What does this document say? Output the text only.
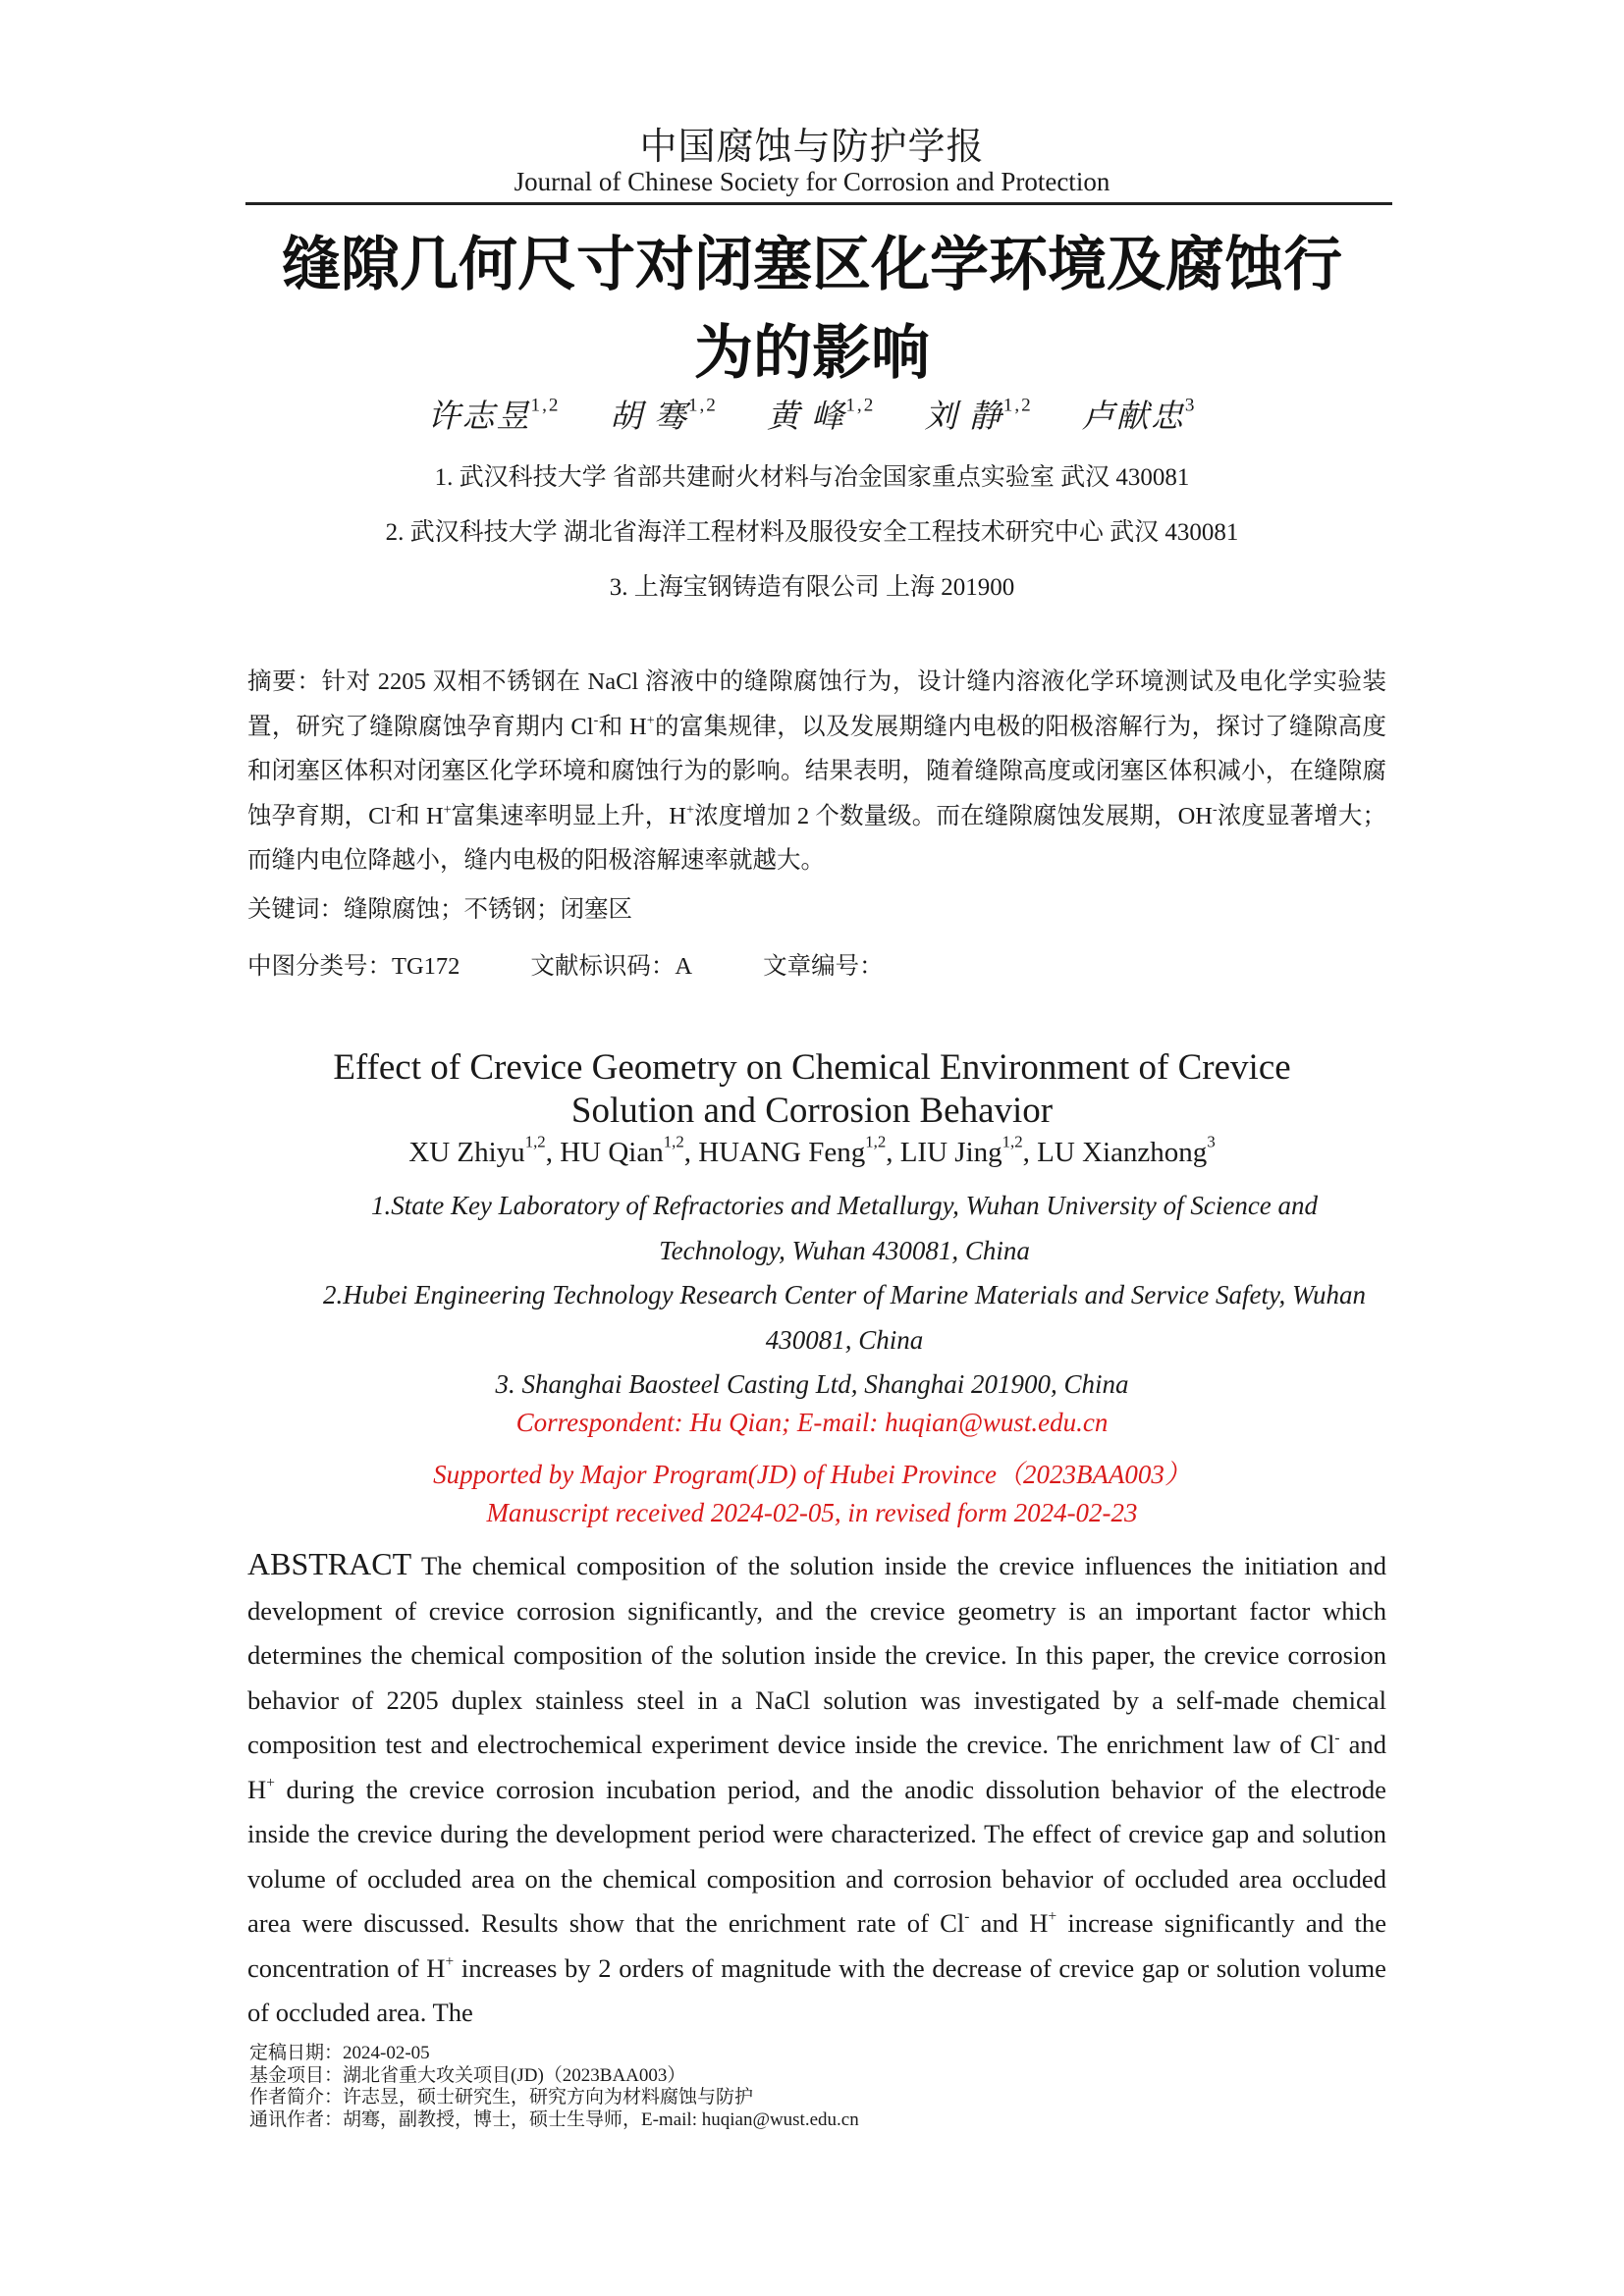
中国腐蚀与防护学报
Journal of Chinese Society for Corrosion and Protection
缝隙几何尺寸对闭塞区化学环境及腐蚀行
为的影响
许志昱$^{1,2}$ 胡 骞$^{1,2}$ 黄 峰$^{1,2}$ 刘 静$^{1,2}$ 卢献忠$^3$
1. 武汉科技大学 省部共建耐火材料与冶金国家重点实验室 武汉 430081
2. 武汉科技大学 湖北省海洋工程材料及服役安全工程技术研究中心 武汉 430081
3. 上海宝钢铸造有限公司 上海 201900
摘要：针对 2205 双相不锈钢在 NaCl 溶液中的缝隙腐蚀行为，设计缝内溶液化学环境测试及电化学实验装置，研究了缝隙腐蚀孕育期内 Cl-和 H+的富集规律，以及发展期缝内电极的阳极溶解行为，探讨了缝隙高度和闭塞区体积对闭塞区化学环境和腐蚀行为的影响。结果表明，随着缝隙高度或闭塞区体积减小，在缝隙腐蚀孕育期，Cl-和 H+富集速率明显上升，H+浓度增加 2 个数量级。而在缝隙腐蚀发展期，OH-浓度显著增大；而缝内电位降越小，缝内电极的阳极溶解速率就越大。
关键词：缝隙腐蚀；不锈钢；闭塞区
中图分类号：TG172	文献标识码：A	文章编号：
Effect of Crevice Geometry on Chemical Environment of Crevice
Solution and Corrosion Behavior
XU Zhiyu$^{1,2}$, HU Qian$^{1,2}$, HUANG Feng$^{1,2}$, LIU Jing$^{1,2}$, LU Xianzhong$^3$
1.State Key Laboratory of Refractories and Metallurgy, Wuhan University of Science and Technology, Wuhan 430081, China
2.Hubei Engineering Technology Research Center of Marine Materials and Service Safety, Wuhan 430081, China
3. Shanghai Baosteel Casting Ltd, Shanghai 201900, China
Correspondent: Hu Qian; E-mail: huqian@wust.edu.cn
Supported by Major Program(JD) of Hubei Province（2023BAA003）
Manuscript received 2024-02-05, in revised form 2024-02-23
ABSTRACT The chemical composition of the solution inside the crevice influences the initiation and development of crevice corrosion significantly, and the crevice geometry is an important factor which determines the chemical composition of the solution inside the crevice. In this paper, the crevice corrosion behavior of 2205 duplex stainless steel in a NaCl solution was investigated by a self-made chemical composition test and electrochemical experiment device inside the crevice. The enrichment law of Cl- and H+ during the crevice corrosion incubation period, and the anodic dissolution behavior of the electrode inside the crevice during the development period were characterized. The effect of crevice gap and solution volume of occluded area on the chemical composition and corrosion behavior of occluded area occluded area were discussed. Results show that the enrichment rate of Cl- and H+ increase significantly and the concentration of H+ increases by 2 orders of magnitude with the decrease of crevice gap or solution volume of occluded area. The
定稿日期：2024-02-05
基金项目：湖北省重大攻关项目(JD)（2023BAA003）
作者简介：许志昱，硕士研究生，研究方向为材料腐蚀与防护
通讯作者：胡骞，副教授，博士，硕士生导师，E-mail: huqian@wust.edu.cn
